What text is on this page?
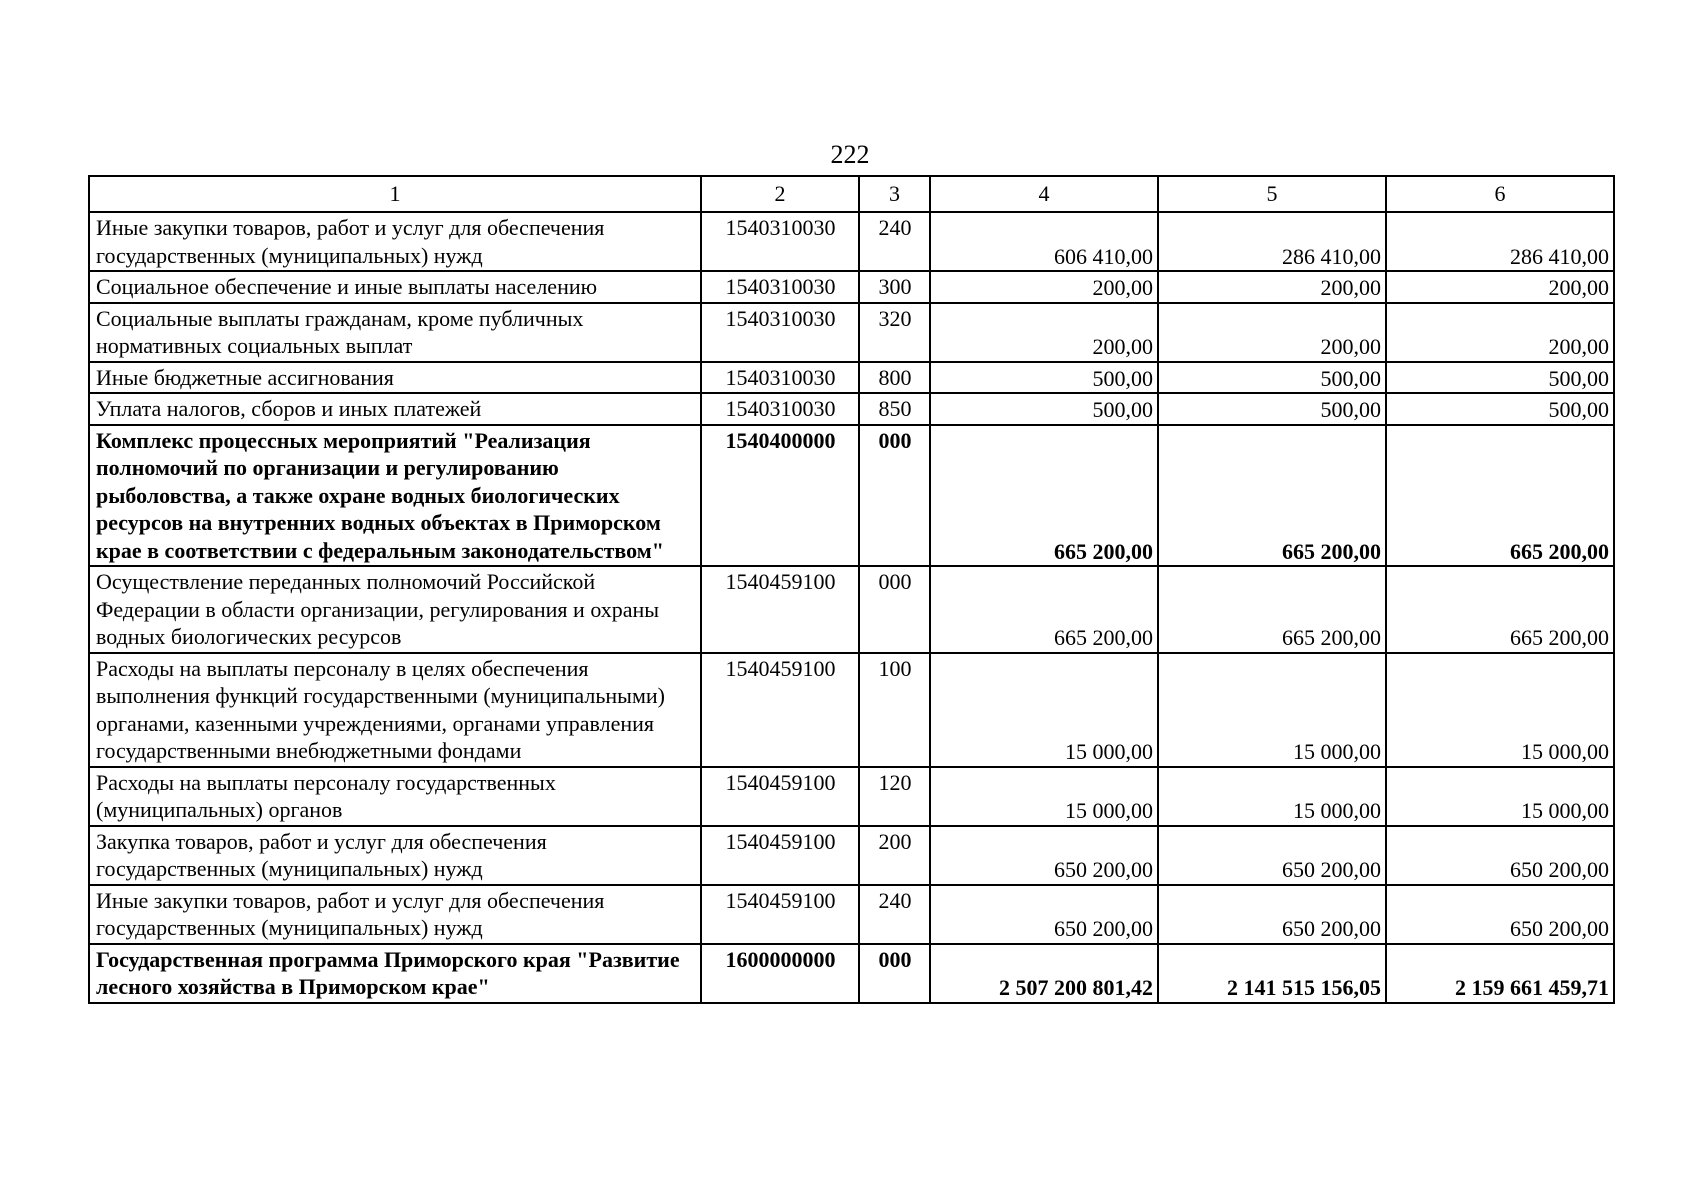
222
1	2	3	4	5	6
Иные закупки товаров, работ и услуг для обеспечения государственных (муниципальных) нужд	1540310030	240	606 410,00	286 410,00	286 410,00
Социальное обеспечение и иные выплаты населению	1540310030	300	200,00	200,00	200,00
Социальные выплаты гражданам, кроме публичных нормативных социальных выплат	1540310030	320	200,00	200,00	200,00
Иные бюджетные ассигнования	1540310030	800	500,00	500,00	500,00
Уплата налогов, сборов и иных платежей	1540310030	850	500,00	500,00	500,00
Комплекс процессных мероприятий "Реализация полномочий по организации и регулированию рыболовства, а также охране водных биологических ресурсов на внутренних водных объектах в Приморском крае в соответствии с федеральным законодательством"	1540400000	000	665 200,00	665 200,00	665 200,00
Осуществление переданных полномочий Российской Федерации в области организации, регулирования и охраны водных биологических ресурсов	1540459100	000	665 200,00	665 200,00	665 200,00
Расходы на выплаты персоналу в целях обеспечения выполнения функций государственными (муниципальными) органами, казенными учреждениями, органами управления государственными внебюджетными фондами	1540459100	100	15 000,00	15 000,00	15 000,00
Расходы на выплаты персоналу государственных (муниципальных) органов	1540459100	120	15 000,00	15 000,00	15 000,00
Закупка товаров, работ и услуг для обеспечения государственных (муниципальных) нужд	1540459100	200	650 200,00	650 200,00	650 200,00
Иные закупки товаров, работ и услуг для обеспечения государственных (муниципальных) нужд	1540459100	240	650 200,00	650 200,00	650 200,00
Государственная программа Приморского края "Развитие лесного хозяйства в Приморском крае"	1600000000	000	2 507 200 801,42	2 141 515 156,05	2 159 661 459,71
